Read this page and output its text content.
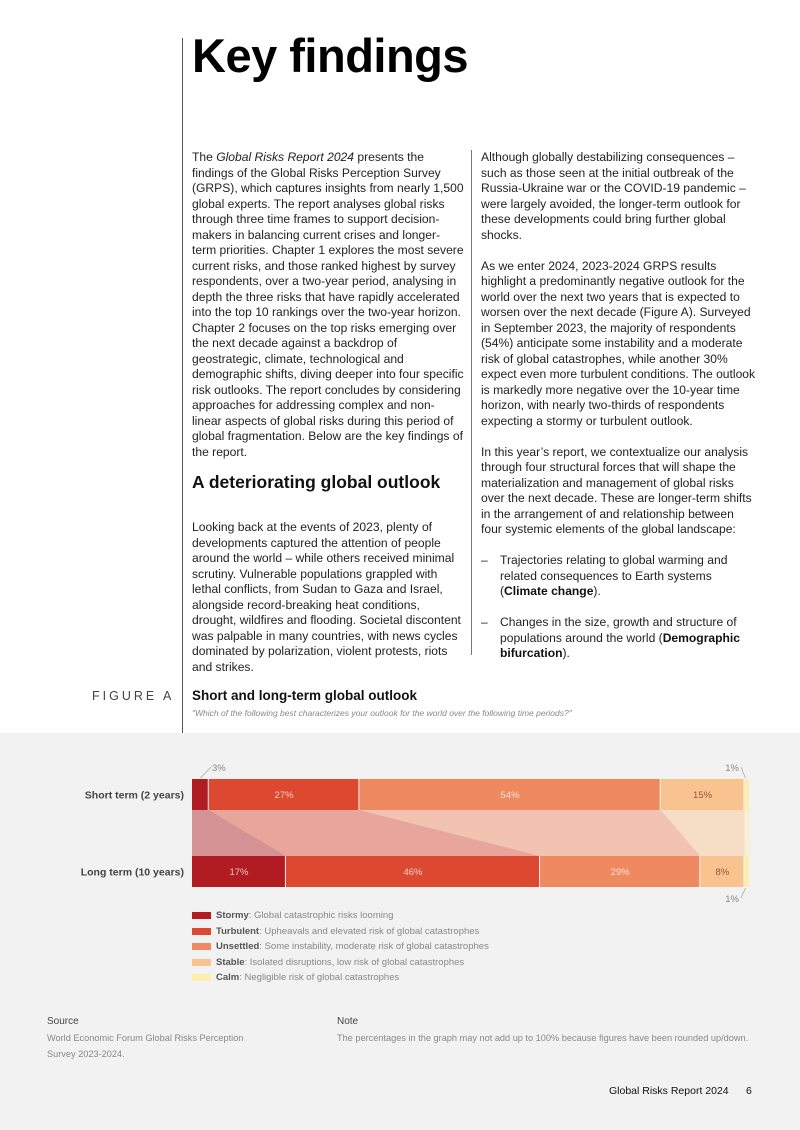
Key findings

The Global Risks Report 2024 presents the findings of the Global Risks Perception Survey (GRPS), which captures insights from nearly 1,500 global experts. The report analyses global risks through three time frames to support decision-makers in balancing current crises and longer-term priorities. Chapter 1 explores the most severe current risks, and those ranked highest by survey respondents, over a two-year period, analysing in depth the three risks that have rapidly accelerated into the top 10 rankings over the two-year horizon. Chapter 2 focuses on the top risks emerging over the next decade against a backdrop of geostrategic, climate, technological and demographic shifts, diving deeper into four specific risk outlooks. The report concludes by considering approaches for addressing complex and non-linear aspects of global risks during this period of global fragmentation. Below are the key findings of the report.

A deteriorating global outlook

Looking back at the events of 2023, plenty of developments captured the attention of people around the world – while others received minimal scrutiny. Vulnerable populations grappled with lethal conflicts, from Sudan to Gaza and Israel, alongside record-breaking heat conditions, drought, wildfires and flooding. Societal discontent was palpable in many countries, with news cycles dominated by polarization, violent protests, riots and strikes.

Although globally destabilizing consequences – such as those seen at the initial outbreak of the Russia-Ukraine war or the COVID-19 pandemic – were largely avoided, the longer-term outlook for these developments could bring further global shocks.

As we enter 2024, 2023-2024 GRPS results highlight a predominantly negative outlook for the world over the next two years that is expected to worsen over the next decade (Figure A). Surveyed in September 2023, the majority of respondents (54%) anticipate some instability and a moderate risk of global catastrophes, while another 30% expect even more turbulent conditions. The outlook is markedly more negative over the 10-year time horizon, with nearly two-thirds of respondents expecting a stormy or turbulent outlook.

In this year’s report, we contextualize our analysis through four structural forces that will shape the materialization and management of global risks over the next decade. These are longer-term shifts in the arrangement of and relationship between four systemic elements of the global landscape:

–	Trajectories relating to global warming and related consequences to Earth systems (Climate change).
–	Changes in the size, growth and structure of populations around the world (Demographic bifurcation).
FIGURE A Short and long-term global outlook
"Which of the following best characterizes your outlook for the world over the following time periods?"
Short term (2 years)	27%	54%	15%
Long term (10 years)	17%	46%	29%	8%
3%	1%
1%
Stormy : Global catastrophic risks looming
Turbulent : Upheavals and elevated risk of global catastrophes
Unsettled : Some instability, moderate risk of global catastrophes
Stable : Isolated disruptions, low risk of global catastrophes
Calm : Negligible risk of global catastrophes
Source
World Economic Forum Global Risks Perception Survey 2023-2024.
Note
The percentages in the graph may not add up to 100% because figures have been rounded up/down.
Global Risks Report 2024 6
